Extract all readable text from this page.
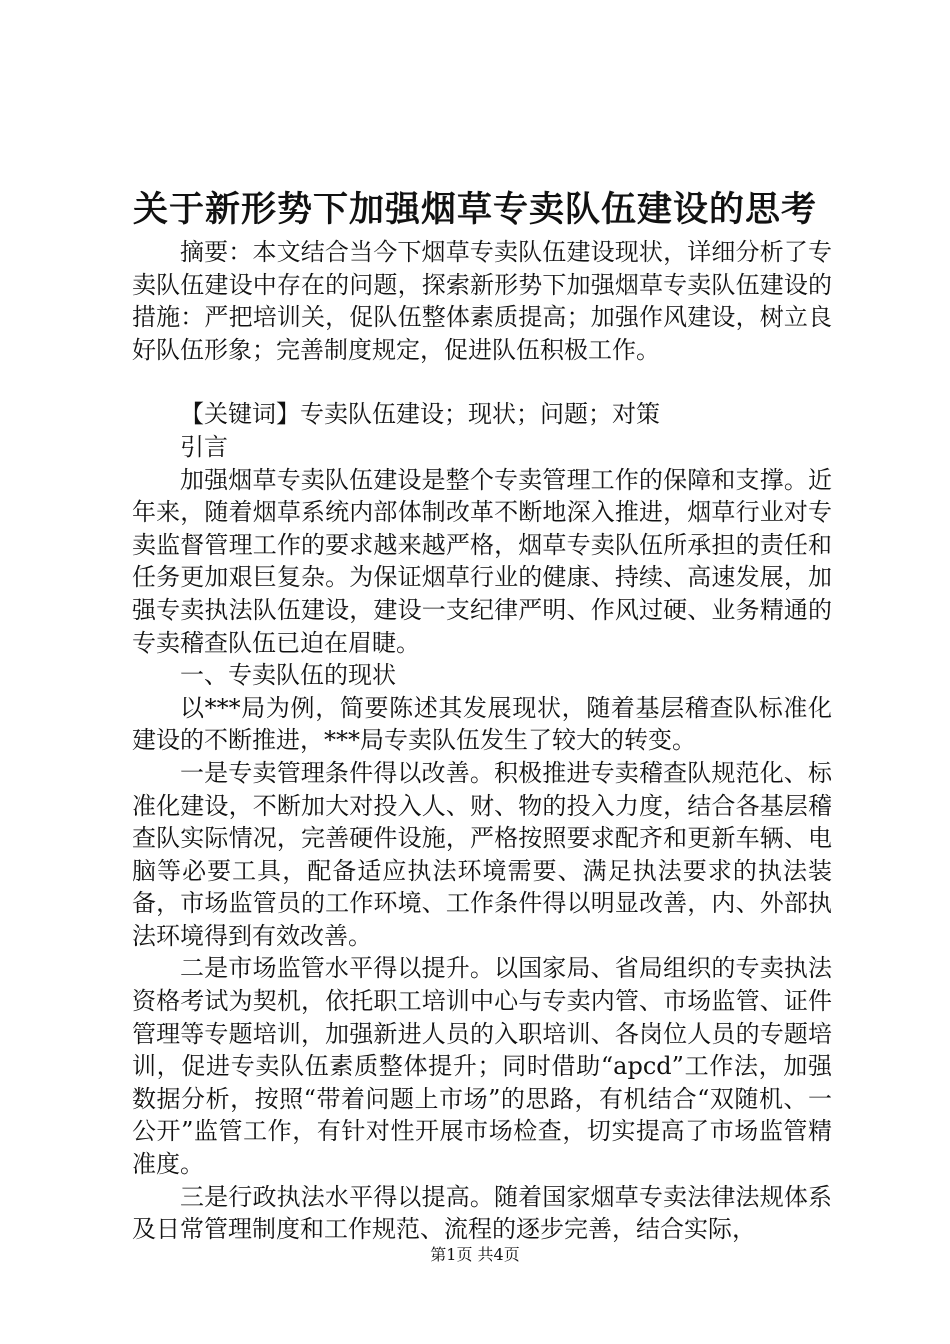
关于新形势下加强烟草专卖队伍建设的思考

摘要：本文结合当今下烟草专卖队伍建设现状，详细分析了专卖队伍建设中存在的问题，探索新形势下加强烟草专卖队伍建设的措施：严把培训关，促队伍整体素质提高；加强作风建设，树立良好队伍形象；完善制度规定，促进队伍积极工作。

【关键词】专卖队伍建设；现状；问题；对策

引言

加强烟草专卖队伍建设是整个专卖管理工作的保障和支撑。近年来，随着烟草系统内部体制改革不断地深入推进，烟草行业对专卖监督管理工作的要求越来越严格，烟草专卖队伍所承担的责任和任务更加艰巨复杂。为保证烟草行业的健康、持续、高速发展，加强专卖执法队伍建设，建设一支纪律严明、作风过硬、业务精通的专卖稽查队伍已迫在眉睫。

一、专卖队伍的现状

以***局为例，简要陈述其发展现状，随着基层稽查队标准化建设的不断推进，***局专卖队伍发生了较大的转变。

一是专卖管理条件得以改善。积极推进专卖稽查队规范化、标准化建设，不断加大对投入人、财、物的投入力度，结合各基层稽查队实际情况，完善硬件设施，严格按照要求配齐和更新车辆、电脑等必要工具，配备适应执法环境需要、满足执法要求的执法装备，市场监管员的工作环境、工作条件得以明显改善，内、外部执法环境得到有效改善。

二是市场监管水平得以提升。以国家局、省局组织的专卖执法资格考试为契机，依托职工培训中心与专卖内管、市场监管、证件管理等专题培训，加强新进人员的入职培训、各岗位人员的专题培训，促进专卖队伍素质整体提升；同时借助“apcd”工作法，加强数据分析，按照“带着问题上市场”的思路，有机结合“双随机、一公开”监管工作，有针对性开展市场检查，切实提高了市场监管精准度。

三是行政执法水平得以提高。随着国家烟草专卖法律法规体系及日常管理制度和工作规范、流程的逐步完善，结合实际，

第1页 共4页
